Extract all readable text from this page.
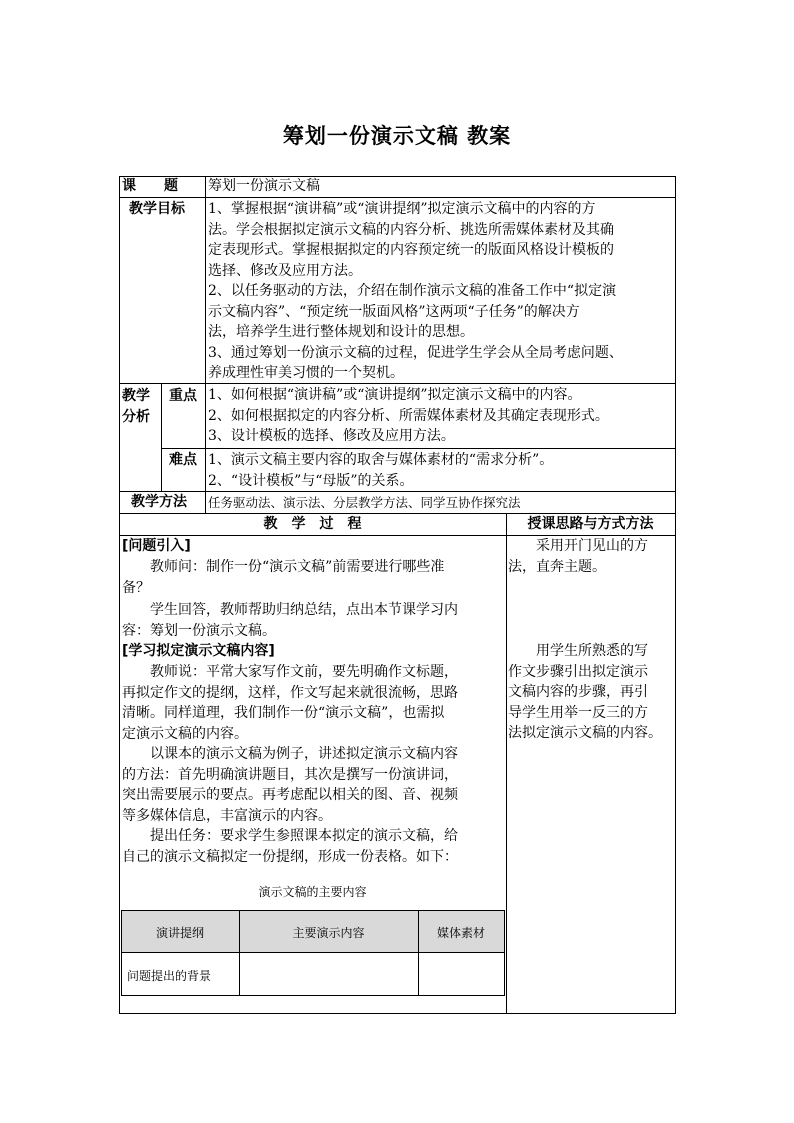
筹划一份演示文稿 教案
课　　题 筹划一份演示文稿
教学目标 1、掌握根据“演讲稿”或“演讲提纲”拟定演示文稿中的内容的方
法。学会根据拟定演示文稿的内容分析、挑选所需媒体素材及其确
定表现形式。掌握根据拟定的内容预定统一的版面风格设计模板的
选择、修改及应用方法。
2、以任务驱动的方法，介绍在制作演示文稿的准备工作中“拟定演
示文稿内容”、“预定统一版面风格”这两项“子任务”的解决方
法，培养学生进行整体规划和设计的思想。
3、通过筹划一份演示文稿的过程，促进学生学会从全局考虑问题、
养成理性审美习惯的一个契机。
教学
分析
重点 1、如何根据“演讲稿”或“演讲提纲”拟定演示文稿中的内容。
2、如何根据拟定的内容分析、所需媒体素材及其确定表现形式。
3、设计模板的选择、修改及应用方法。
难点 1、演示文稿主要内容的取舍与媒体素材的“需求分析”。
2、“设计模板”与“母版”的关系。
教学方法 任务驱动法、演示法、分层教学方法、同学互协作探究法
教　学　过　程	授课思路与方式方法
[问题引入]
　　教师问：制作一份“演示文稿”前需要进行哪些准
备？
　　学生回答，教师帮助归纳总结，点出本节课学习内
容：筹划一份演示文稿。
[学习拟定演示文稿内容]
　　教师说：平常大家写作文前，要先明确作文标题，
再拟定作文的提纲，这样，作文写起来就很流畅，思路
清晰。同样道理，我们制作一份“演示文稿”，也需拟
定演示文稿的内容。
　　以课本的演示文稿为例子，讲述拟定演示文稿内容
的方法：首先明确演讲题目，其次是撰写一份演讲词，
突出需要展示的要点。再考虑配以相关的图、音、视频
等多媒体信息，丰富演示的内容。
　　提出任务：要求学生参照课本拟定的演示文稿，给
自己的演示文稿拟定一份提纲，形成一份表格。如下：
演示文稿的主要内容
演讲提纲	主要演示内容	媒体素材
问题提出的背景
　　采用开门见山的方
法，直奔主题。
　　用学生所熟悉的写
作文步骤引出拟定演示
文稿内容的步骤，再引
导学生用举一反三的方
法拟定演示文稿的内容。
